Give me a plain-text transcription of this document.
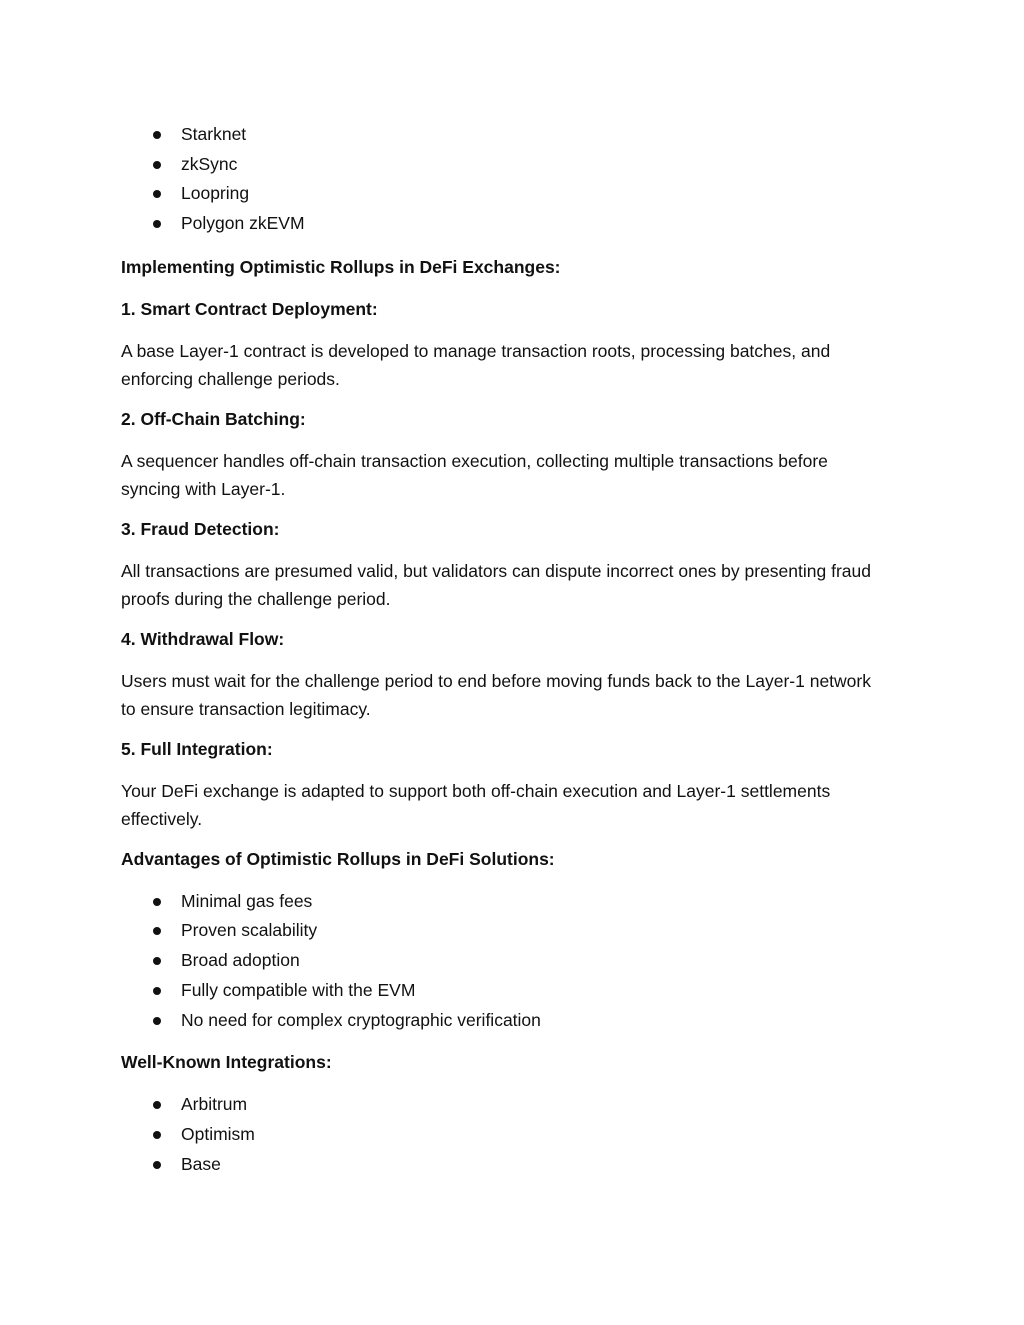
Starknet
zkSync
Loopring
Polygon zkEVM

Implementing Optimistic Rollups in DeFi Exchanges:

1. Smart Contract Deployment:

A base Layer-1 contract is developed to manage transaction roots, processing batches, and enforcing challenge periods.

2. Off-Chain Batching:

A sequencer handles off-chain transaction execution, collecting multiple transactions before syncing with Layer-1.

3. Fraud Detection:

All transactions are presumed valid, but validators can dispute incorrect ones by presenting fraud proofs during the challenge period.

4. Withdrawal Flow:

Users must wait for the challenge period to end before moving funds back to the Layer-1 network to ensure transaction legitimacy.

5. Full Integration:

Your DeFi exchange is adapted to support both off-chain execution and Layer-1 settlements effectively.

Advantages of Optimistic Rollups in DeFi Solutions:

Minimal gas fees
Proven scalability
Broad adoption
Fully compatible with the EVM
No need for complex cryptographic verification

Well-Known Integrations:

Arbitrum
Optimism
Base
